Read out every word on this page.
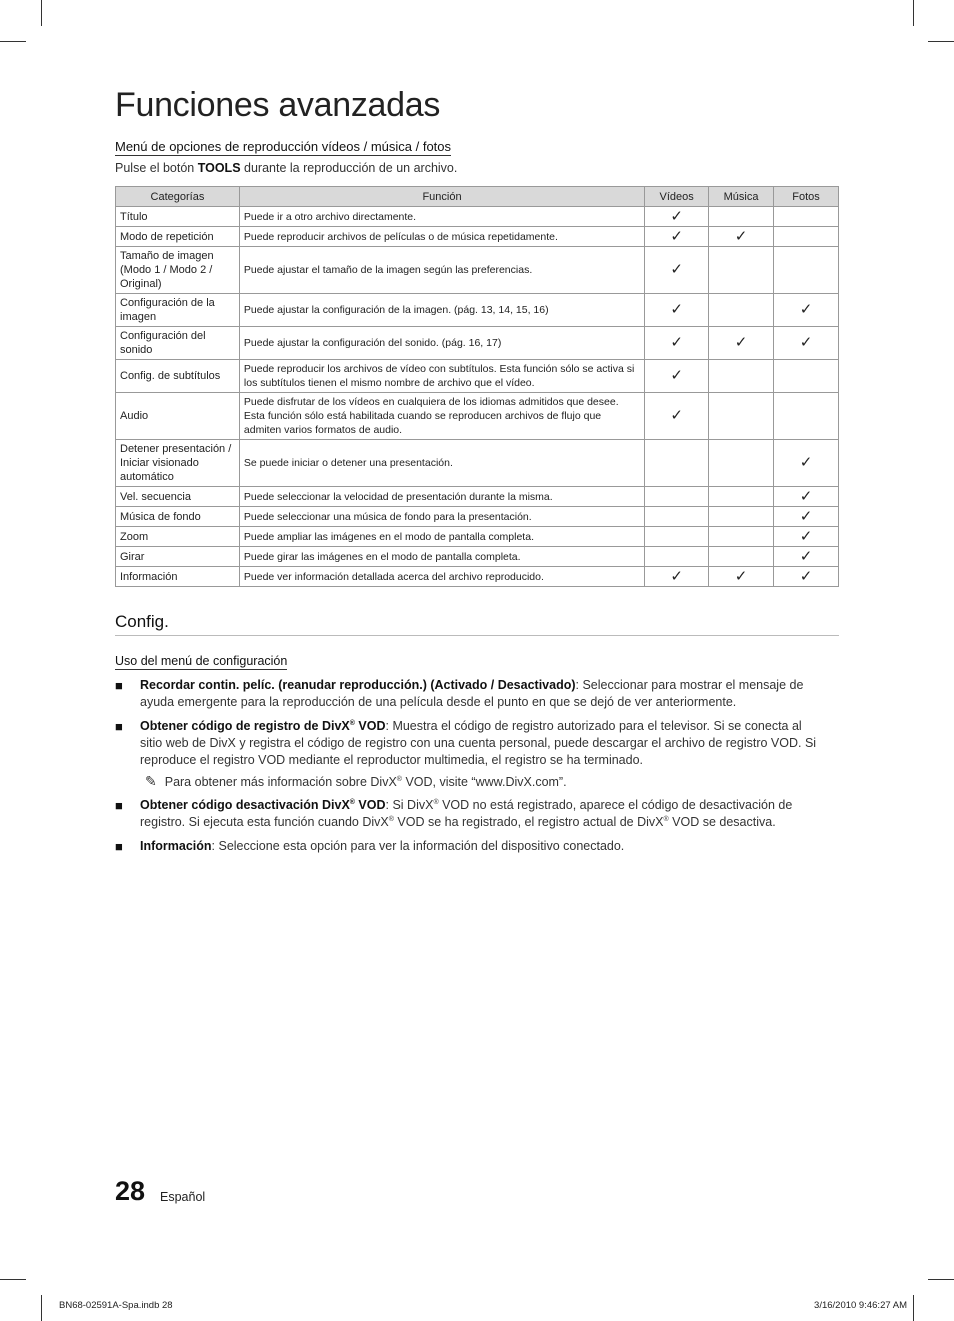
Funciones avanzadas
Menú de opciones de reproducción vídeos / música / fotos
Pulse el botón TOOLS durante la reproducción de un archivo.
Categorías	Función	Vídeos	Música	Fotos
Título	Puede ir a otro archivo directamente.	✓		
Modo de repetición	Puede reproducir archivos de películas o de música repetidamente.	✓	✓	
Tamaño de imagen (Modo 1 / Modo 2 / Original)	Puede ajustar el tamaño de la imagen según las preferencias.	✓		
Configuración de la imagen	Puede ajustar la configuración de la imagen. (pág. 13, 14, 15, 16)	✓		✓
Configuración del sonido	Puede ajustar la configuración del sonido. (pág. 16, 17)	✓	✓	✓
Config. de subtítulos	Puede reproducir los archivos de vídeo con subtítulos. Esta función sólo se activa si los subtítulos tienen el mismo nombre de archivo que el vídeo.	✓		
Audio	Puede disfrutar de los vídeos en cualquiera de los idiomas admitidos que desee. Esta función sólo está habilitada cuando se reproducen archivos de flujo que admiten varios formatos de audio.	✓		
Detener presentación / Iniciar visionado automático	Se puede iniciar o detener una presentación.			✓
Vel. secuencia	Puede seleccionar la velocidad de presentación durante la misma.			✓
Música de fondo	Puede seleccionar una música de fondo para la presentación.			✓
Zoom	Puede ampliar las imágenes en el modo de pantalla completa.			✓
Girar	Puede girar las imágenes en el modo de pantalla completa.			✓
Información	Puede ver información detallada acerca del archivo reproducido.	✓	✓	✓
Config.
Uso del menú de configuración
■ Recordar contin. pelíc. (reanudar reproducción.) (Activado / Desactivado): Seleccionar para mostrar el mensaje de ayuda emergente para la reproducción de una película desde el punto en que se dejó de ver anteriormente.
■ Obtener código de registro de DivX® VOD: Muestra el código de registro autorizado para el televisor. Si se conecta al sitio web de DivX y registra el código de registro con una cuenta personal, puede descargar el archivo de registro VOD. Si reproduce el registro VOD mediante el reproductor multimedia, el registro se ha terminado.
✎ Para obtener más información sobre DivX® VOD, visite “www.DivX.com”.
■ Obtener código desactivación DivX® VOD: Si DivX® VOD no está registrado, aparece el código de desactivación de registro. Si ejecuta esta función cuando DivX® VOD se ha registrado, el registro actual de DivX® VOD se desactiva.
■ Información: Seleccione esta opción para ver la información del dispositivo conectado.
28 Español
BN68-02591A-Spa.indb 28	3/16/2010 9:46:27 AM
